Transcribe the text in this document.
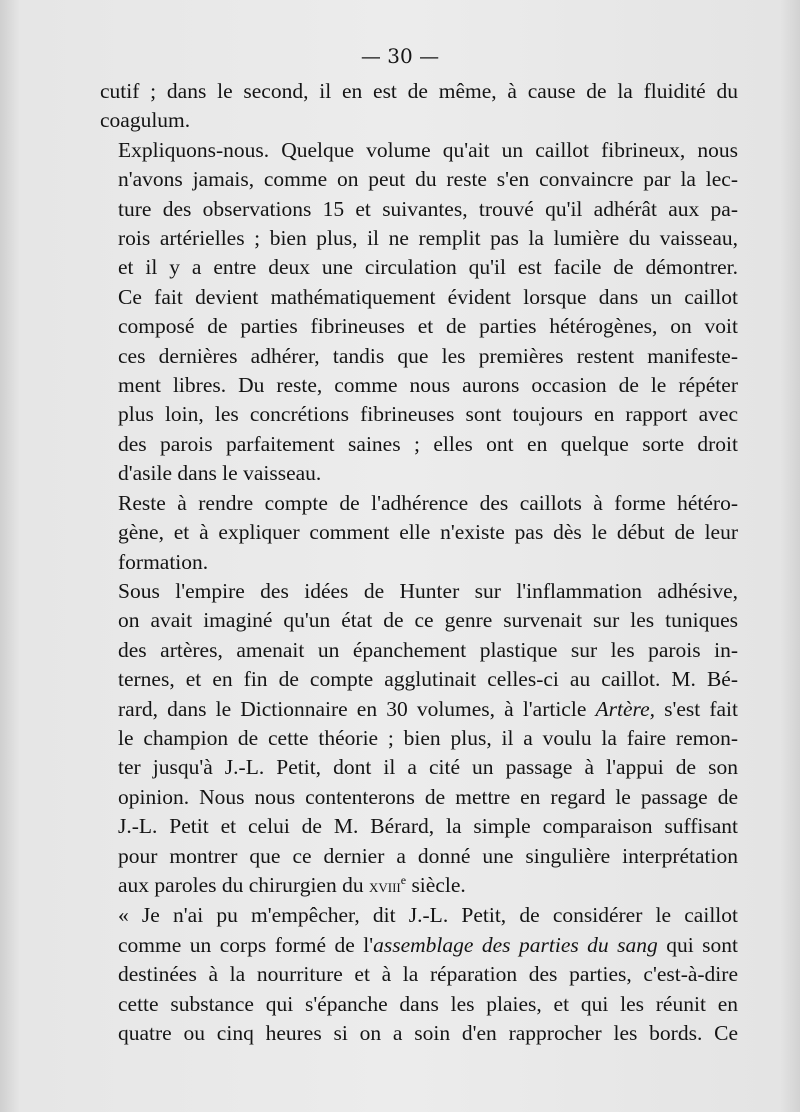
— 30 —

cutif ; dans le second, il en est de même, à cause de la fluidité du
coagulum.

Expliquons-nous. Quelque volume qu'ait un caillot fibrineux, nous
n'avons jamais, comme on peut du reste s'en convaincre par la lec-
ture des observations 15 et suivantes, trouvé qu'il adhérât aux pa-
rois artérielles ; bien plus, il ne remplit pas la lumière du vaisseau,
et il y a entre deux une circulation qu'il est facile de démontrer.
Ce fait devient mathématiquement évident lorsque dans un caillot
composé de parties fibrineuses et de parties hétérogènes, on voit
ces dernières adhérer, tandis que les premières restent manifeste-
ment libres. Du reste, comme nous aurons occasion de le répéter
plus loin, les concrétions fibrineuses sont toujours en rapport avec
des parois parfaitement saines ; elles ont en quelque sorte droit
d'asile dans le vaisseau.

Reste à rendre compte de l'adhérence des caillots à forme hétéro-
gène, et à expliquer comment elle n'existe pas dès le début de leur
formation.

Sous l'empire des idées de Hunter sur l'inflammation adhésive,
on avait imaginé qu'un état de ce genre survenait sur les tuniques
des artères, amenait un épanchement plastique sur les parois in-
ternes, et en fin de compte agglutinait celles-ci au caillot. M. Bé-
rard, dans le Dictionnaire en 30 volumes, à l'article Artère, s'est fait
le champion de cette théorie ; bien plus, il a voulu la faire remon-
ter jusqu'à J.-L. Petit, dont il a cité un passage à l'appui de son
opinion. Nous nous contenterons de mettre en regard le passage de
J.-L. Petit et celui de M. Bérard, la simple comparaison suffisant
pour montrer que ce dernier a donné une singulière interprétation
aux paroles du chirurgien du xviii$^e$ siècle.

« Je n'ai pu m'empêcher, dit J.-L. Petit, de considérer le caillot
comme un corps formé de l'assemblage des parties du sang qui sont
destinées à la nourriture et à la réparation des parties, c'est-à-dire
cette substance qui s'épanche dans les plaies, et qui les réunit en
quatre ou cinq heures si on a soin d'en rapprocher les bords. Ce
